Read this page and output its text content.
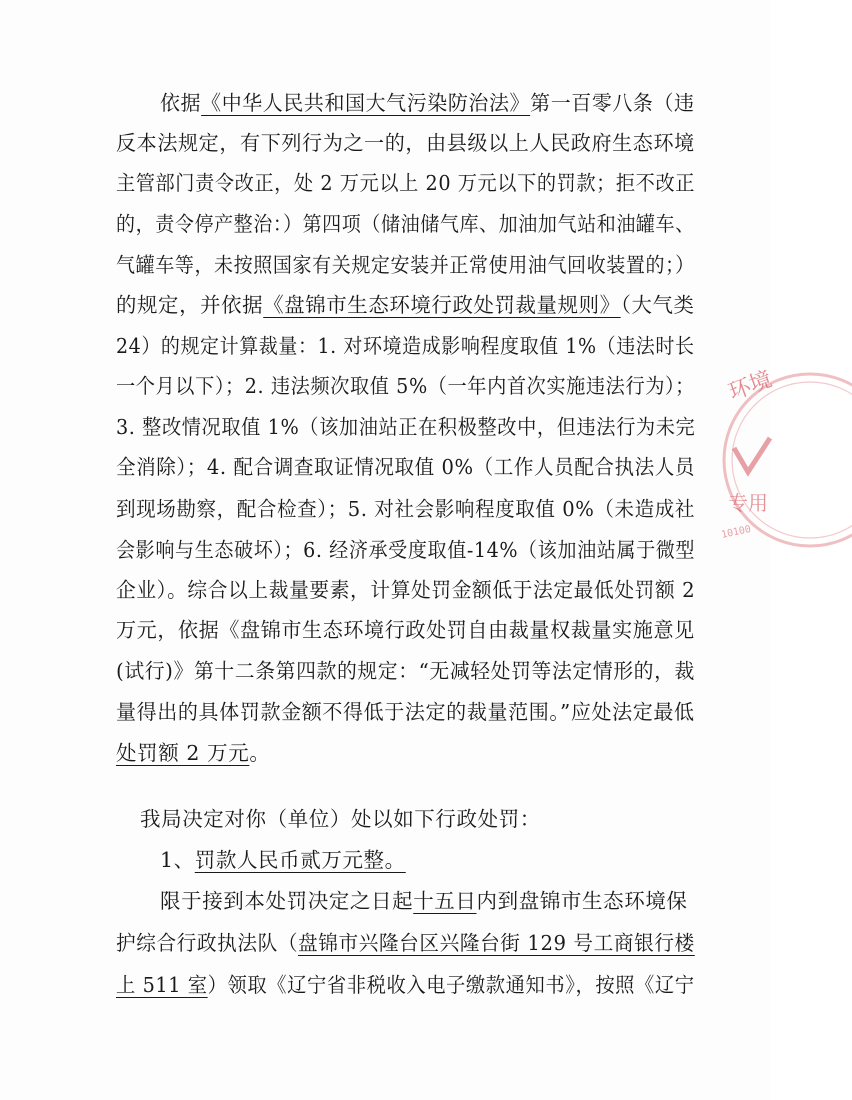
依据《中华人民共和国大气污染防治法》第一百零八条（违
反本法规定，有下列行为之一的，由县级以上人民政府生态环境
主管部门责令改正，处 2 万元以上 20 万元以下的罚款；拒不改正
的，责令停产整治：）第四项（储油储气库、加油加气站和油罐车、
气罐车等，未按照国家有关规定安装并正常使用油气回收装置的；）
的规定，并依据《盘锦市生态环境行政处罚裁量规则》（大气类
24）的规定计算裁量：1. 对环境造成影响程度取值 1%（违法时长
一个月以下）；2. 违法频次取值 5%（一年内首次实施违法行为）；
3. 整改情况取值 1%（该加油站正在积极整改中，但违法行为未完
全消除）；4. 配合调查取证情况取值 0%（工作人员配合执法人员
到现场勘察，配合检查）；5. 对社会影响程度取值 0%（未造成社
会影响与生态破坏）；6. 经济承受度取值-14%（该加油站属于微型
企业）。综合以上裁量要素，计算处罚金额低于法定最低处罚额 2
万元，依据《盘锦市生态环境行政处罚自由裁量权裁量实施意见
(试行)》第十二条第四款的规定：“无减轻处罚等法定情形的，裁
量得出的具体罚款金额不得低于法定的裁量范围。”应处法定最低
处罚额 2 万元。
我局决定对你（单位）处以如下行政处罚：
1、罚款人民币贰万元整。
限于接到本处罚决定之日起十五日内到盘锦市生态环境保
护综合行政执法队（盘锦市兴隆台区兴隆台街 129 号工商银行楼
上 511 室）领取《辽宁省非税收入电子缴款通知书》，按照《辽宁
环境
专用
10100
